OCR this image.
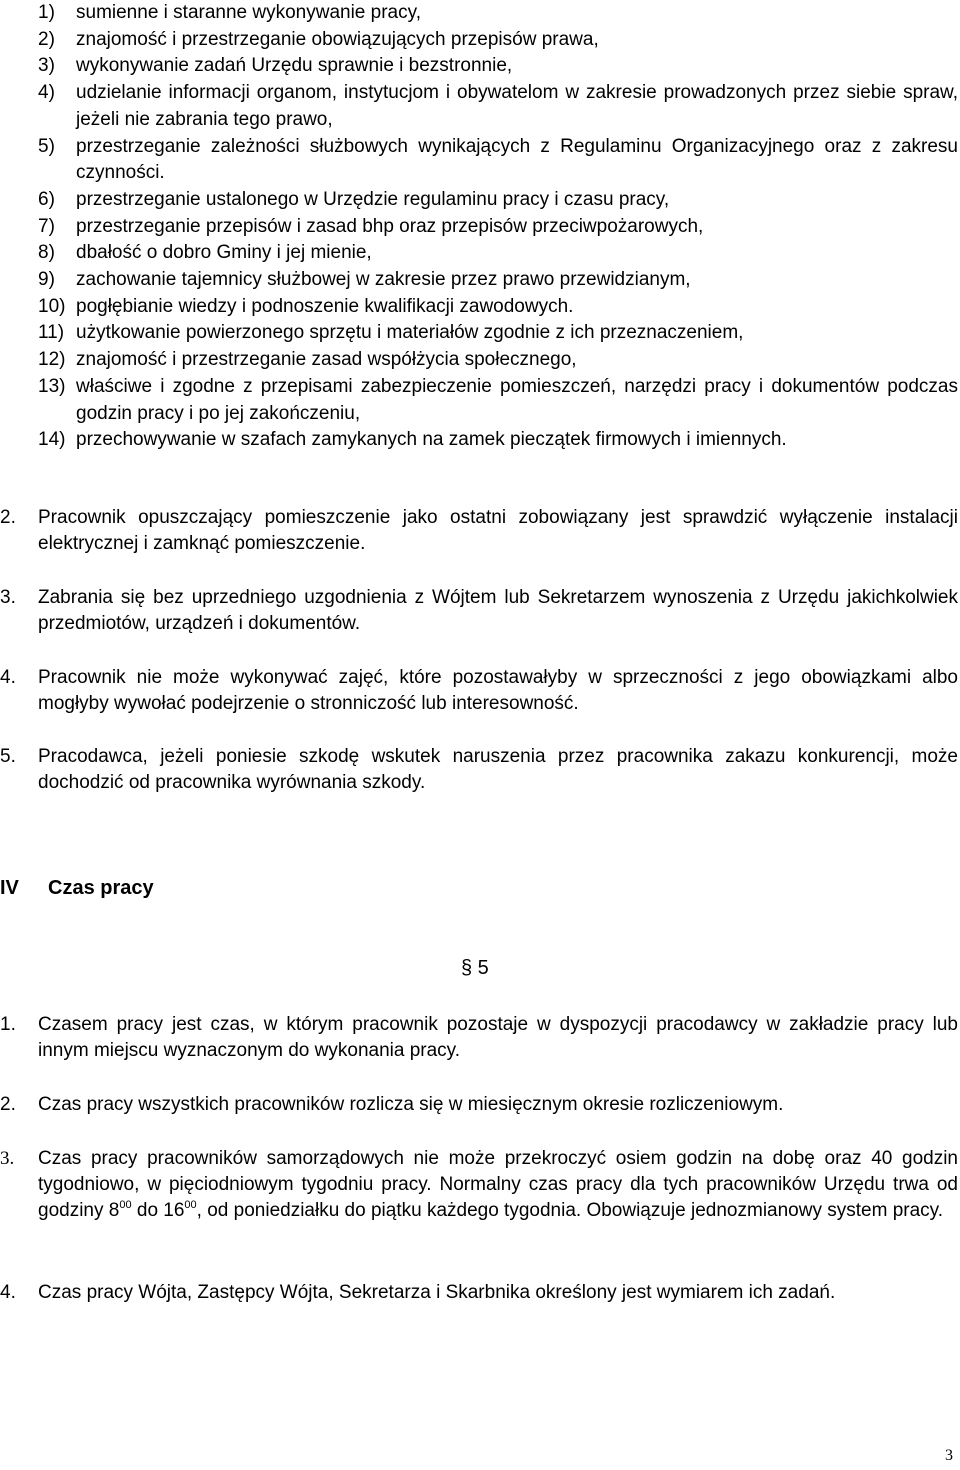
1)	sumienne i staranne wykonywanie pracy,
2)	znajomość i przestrzeganie obowiązujących przepisów prawa,
3)	wykonywanie zadań Urzędu sprawnie i bezstronnie,
4)	udzielanie informacji organom, instytucjom i obywatelom w zakresie prowadzonych przez siebie spraw, jeżeli nie zabrania tego prawo,
5)	przestrzeganie zależności służbowych wynikających z Regulaminu Organizacyjnego oraz z zakresu czynności.
6)	przestrzeganie ustalonego w Urzędzie regulaminu pracy i czasu pracy,
7)	przestrzeganie przepisów i zasad bhp oraz przepisów przeciwpożarowych,
8)	dbałość o dobro Gminy i jej mienie,
9)	zachowanie tajemnicy służbowej w zakresie przez prawo przewidzianym,
10) pogłębianie wiedzy i podnoszenie kwalifikacji zawodowych.
11) użytkowanie powierzonego sprzętu i materiałów zgodnie z ich przeznaczeniem,
12) znajomość i przestrzeganie zasad współżycia społecznego,
13) właściwe i zgodne z przepisami zabezpieczenie pomieszczeń, narzędzi pracy i dokumentów podczas godzin pracy i po jej zakończeniu,
14) przechowywanie w szafach zamykanych na zamek pieczątek firmowych i imiennych.
2.	Pracownik opuszczający pomieszczenie jako ostatni zobowiązany jest sprawdzić wyłączenie instalacji elektrycznej i zamknąć pomieszczenie.
3.	Zabrania się bez uprzedniego uzgodnienia z Wójtem lub Sekretarzem wynoszenia z Urzędu jakichkolwiek przedmiotów, urządzeń i dokumentów.
4.	Pracownik nie może wykonywać zajęć, które pozostawałyby w sprzeczności z jego obowiązkami albo mogłyby wywołać podejrzenie o stronniczość lub interesowność.
5.	Pracodawca, jeżeli poniesie szkodę wskutek naruszenia przez pracownika zakazu konkurencji, może dochodzić od pracownika wyrównania szkody.
IV	Czas pracy
§ 5
1.	Czasem pracy jest czas, w którym pracownik pozostaje w dyspozycji pracodawcy w zakładzie pracy lub innym miejscu wyznaczonym do wykonania pracy.
2.	Czas pracy wszystkich pracowników rozlicza się w miesięcznym okresie rozliczeniowym.
3.	Czas pracy pracowników samorządowych nie może przekroczyć osiem godzin na dobę oraz 40 godzin tygodniowo, w pięciodniowym tygodniu pracy. Normalny czas pracy dla tych pracowników Urzędu trwa od godziny $8^{00}$ do $16^{00}$, od poniedziałku do piątku każdego tygodnia. Obowiązuje jednozmianowy system pracy.
4.	Czas pracy Wójta, Zastępcy Wójta, Sekretarza i Skarbnika określony jest wymiarem ich zadań.
3
